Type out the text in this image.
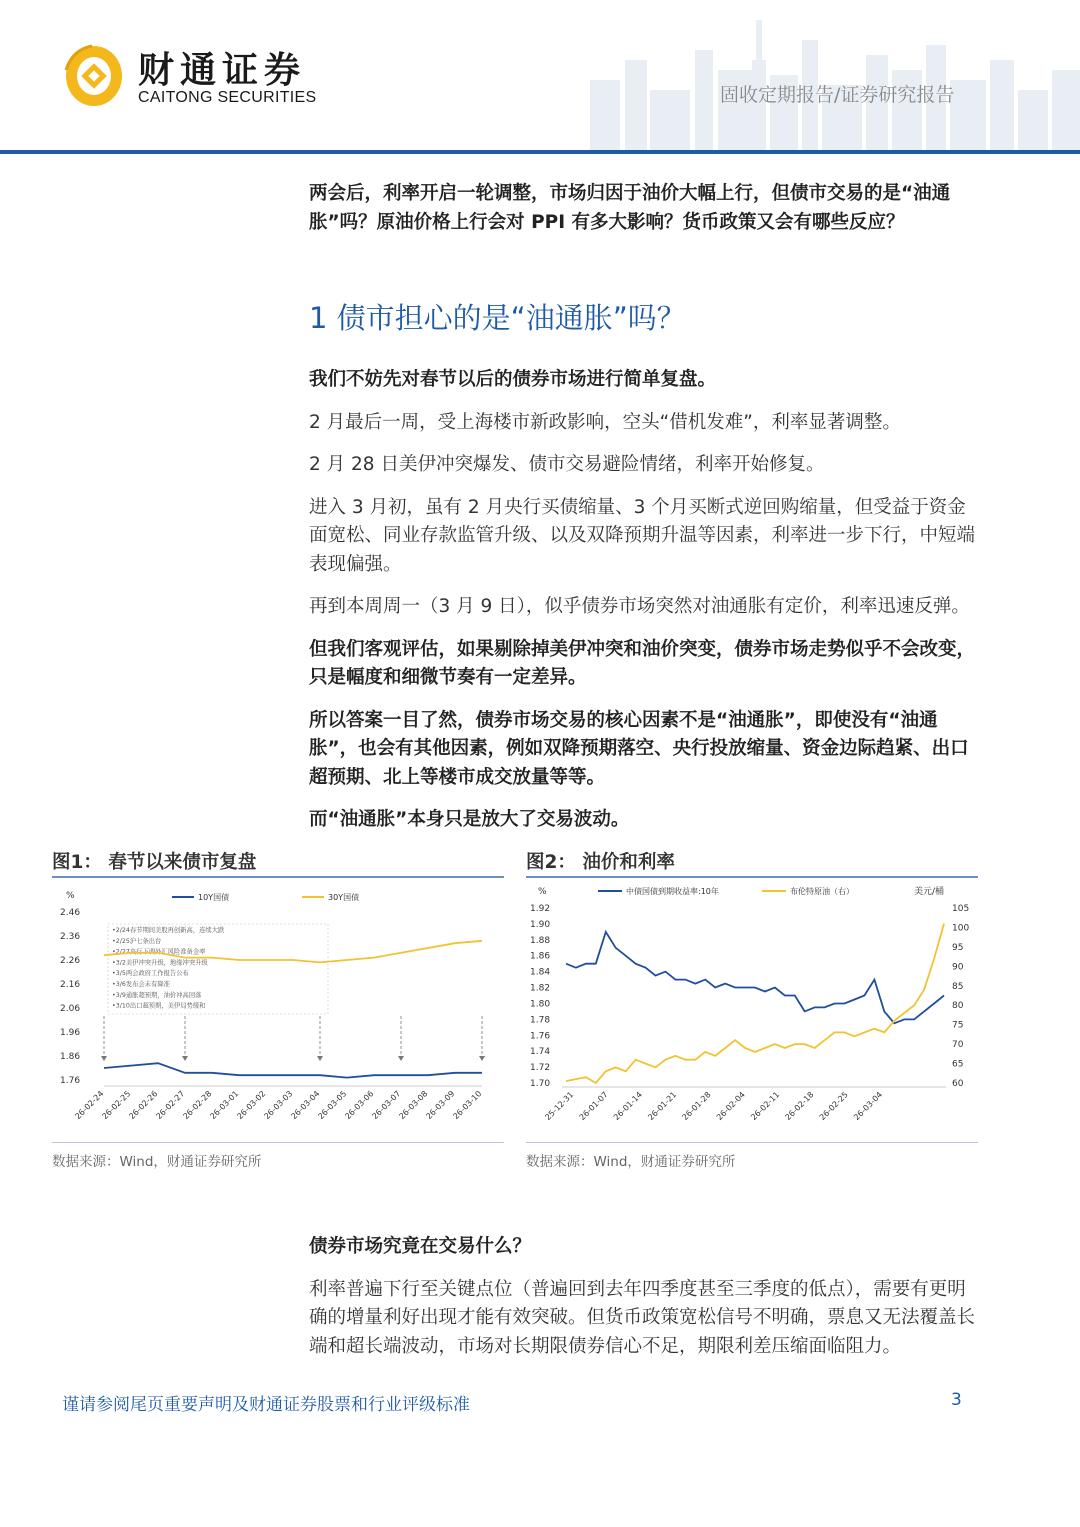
财通证券
CAITONG SECURITIES	固收定期报告/证券研究报告

两会后，利率开启一轮调整，市场归因于油价大幅上行，但债市交易的是“油通胀”吗？原油价格上行会对 PPI 有多大影响？货币政策又会有哪些反应？

1 债市担心的是“油通胀”吗？

我们不妨先对春节以后的债券市场进行简单复盘。

2 月最后一周，受上海楼市新政影响，空头“借机发难”，利率显著调整。

2 月 28 日美伊冲突爆发、债市交易避险情绪，利率开始修复。

进入 3 月初，虽有 2 月央行买债缩量、3 个月买断式逆回购缩量，但受益于资金面宽松、同业存款监管升级、以及双降预期升温等因素，利率进一步下行，中短端表现偏强。

再到本周周一（3 月 9 日），似乎债券市场突然对油通胀有定价，利率迅速反弹。

但我们客观评估，如果剔除掉美伊冲突和油价突变，债券市场走势似乎不会改变，只是幅度和细微节奏有一定差异。

所以答案一目了然，债券市场交易的核心因素不是“油通胀”，即使没有“油通胀”，也会有其他因素，例如双降预期落空、央行投放缩量、资金边际趋紧、出口超预期、北上等楼市成交放量等等。

而“油通胀”本身只是放大了交易波动。

图1： 春节以来债市复盘
%
2.46
2.36
2.26
2.16
2.06
1.96
1.86
1.76
10Y国债	30Y国债
•2/24春节期间美股再创新高，连续大跌
•2/25沪七条出台
•2/27央行下调外汇风险准备金率
•3/2美伊冲突升级，地缘冲突升级
•3/5两会政府工作报告公布
•3/6发布会未有降准
•3/9通胀超预期，油价冲高回落
•3/10出口超预期，美伊局势缓和
26-02-24
26-02-25
26-02-26
26-02-27
26-02-28
26-03-01
26-03-02
26-03-03
26-03-04
26-03-05
26-03-06
26-03-07
26-03-08
26-03-09
26-03-10
数据来源：Wind，财通证券研究所
图2： 油价和利率
%	美元/桶
1.92
1.90
1.88
1.86
1.84
1.82
1.80
1.78
1.76
1.74
1.72
1.70
105
100
95
90
85
80
75
70
65
60
中债国债到期收益率:10年	布伦特原油（右）
25-12-31 26-01-07 26-01-14 26-01-21 26-01-28 26-02-04 26-02-11 26-02-18 26-02-25 26-03-04
数据来源：Wind，财通证券研究所

债券市场究竟在交易什么？

利率普遍下行至关键点位（普遍回到去年四季度甚至三季度的低点），需要有更明确的增量利好出现才能有效突破。但货币政策宽松信号不明确，票息又无法覆盖长端和超长端波动，市场对长期限债券信心不足，期限利差压缩面临阻力。

谨请参阅尾页重要声明及财通证券股票和行业评级标准	3
